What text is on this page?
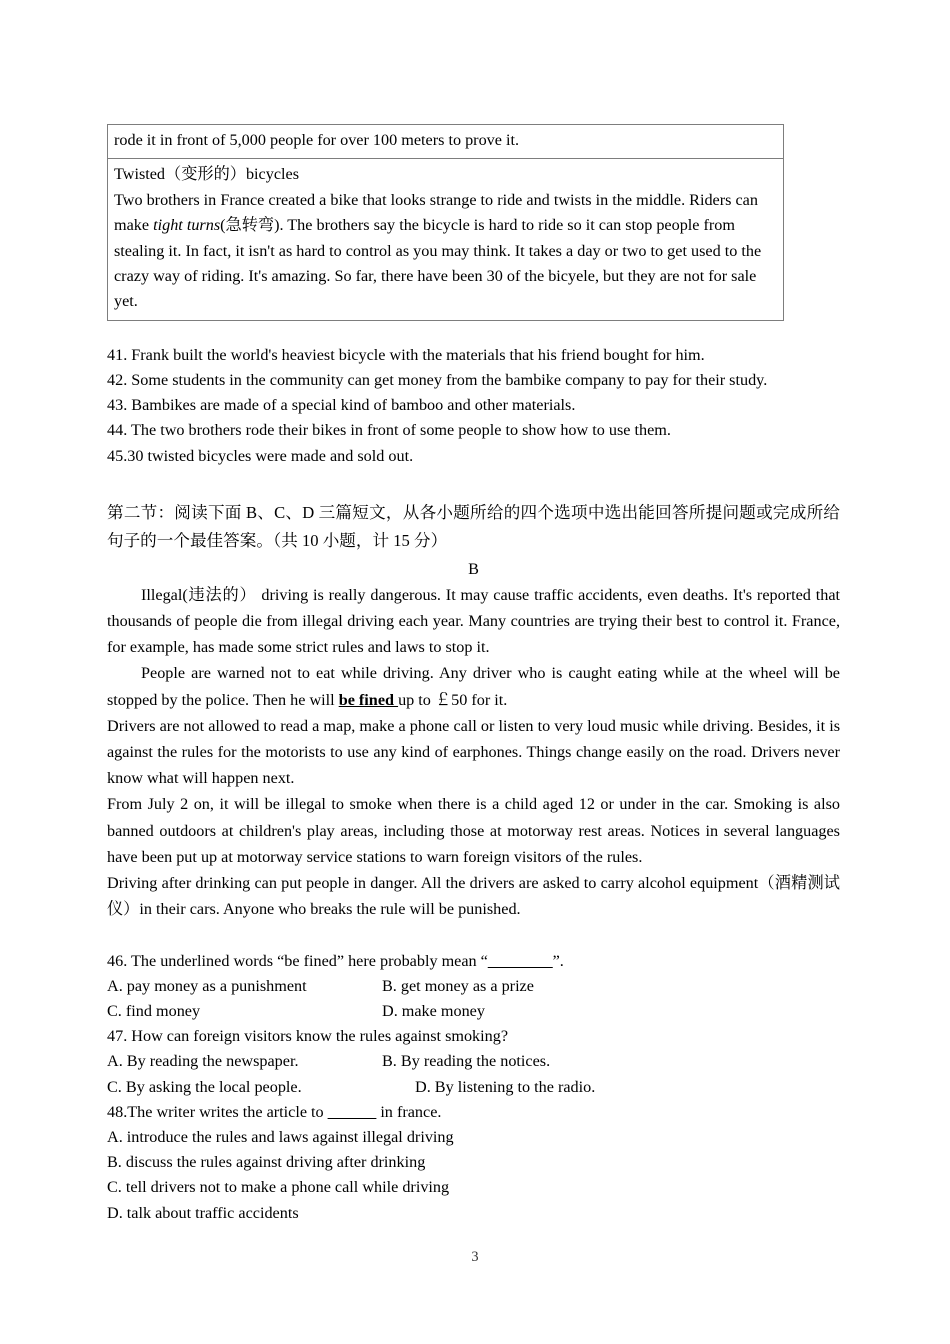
rode it in front of 5,000 people for over 100 meters to prove it.

Twisted（变形的）bicycles
Two brothers in France created a bike that looks strange to ride and twists in the middle. Riders can make tight turns(急转弯). The brothers say the bicycle is hard to ride so it can stop people from stealing it. In fact, it isn't as hard to control as you may think. It takes a day or two to get used to the crazy way of riding. It's amazing. So far, there have been 30 of the bicyele, but they are not for sale yet.
41. Frank built the world's heaviest bicycle with the materials that his friend bought for him.
42. Some students in the community can get money from the bambike company to pay for their study.
43. Bambikes are made of a special kind of bamboo and other materials.
44. The two brothers rode their bikes in front of some people to show how to use them.
45.30 twisted bicycles were made and sold out.
第二节：阅读下面 B、C、D 三篇短文，从各小题所给的四个选项中选出能回答所提问题或完成所给句子的一个最佳答案。（共 10 小题，计 15 分）
B
Illegal(违法的） driving is really dangerous. It may cause traffic accidents, even deaths. It's reported that thousands of people die from illegal driving each year. Many countries are trying their best to control it. France, for example, has made some strict rules and laws to stop it.
People are warned not to eat while driving. Any driver who is caught eating while at the wheel will be stopped by the police. Then he will be fined up to ￡50 for it.
Drivers are not allowed to read a map, make a phone call or listen to very loud music while driving. Besides, it is against the rules for the motorists to use any kind of earphones. Things change easily on the road. Drivers never know what will happen next.
From July 2 on, it will be illegal to smoke when there is a child aged 12 or under in the car. Smoking is also banned outdoors at children's play areas, including those at motorway rest areas. Notices in several languages have been put up at motorway service stations to warn foreign visitors of the rules.
Driving after drinking can put people in danger. All the drivers are asked to carry alcohol equipment（酒精测试仪）in their cars. Anyone who breaks the rule will be punished.
46. The underlined words “be fined” here probably mean “________”.
A. pay money as a punishment	B. get money as a prize
C. find money	D. make money
47. How can foreign visitors know the rules against smoking?
A. By reading the newspaper.	B. By reading the notices.
C. By asking the local people.	D. By listening to the radio.
48.The writer writes the article to ______ in france.
A. introduce the rules and laws against illegal driving
B. discuss the rules against driving after drinking
C. tell drivers not to make a phone call while driving
D. talk about traffic accidents
3
